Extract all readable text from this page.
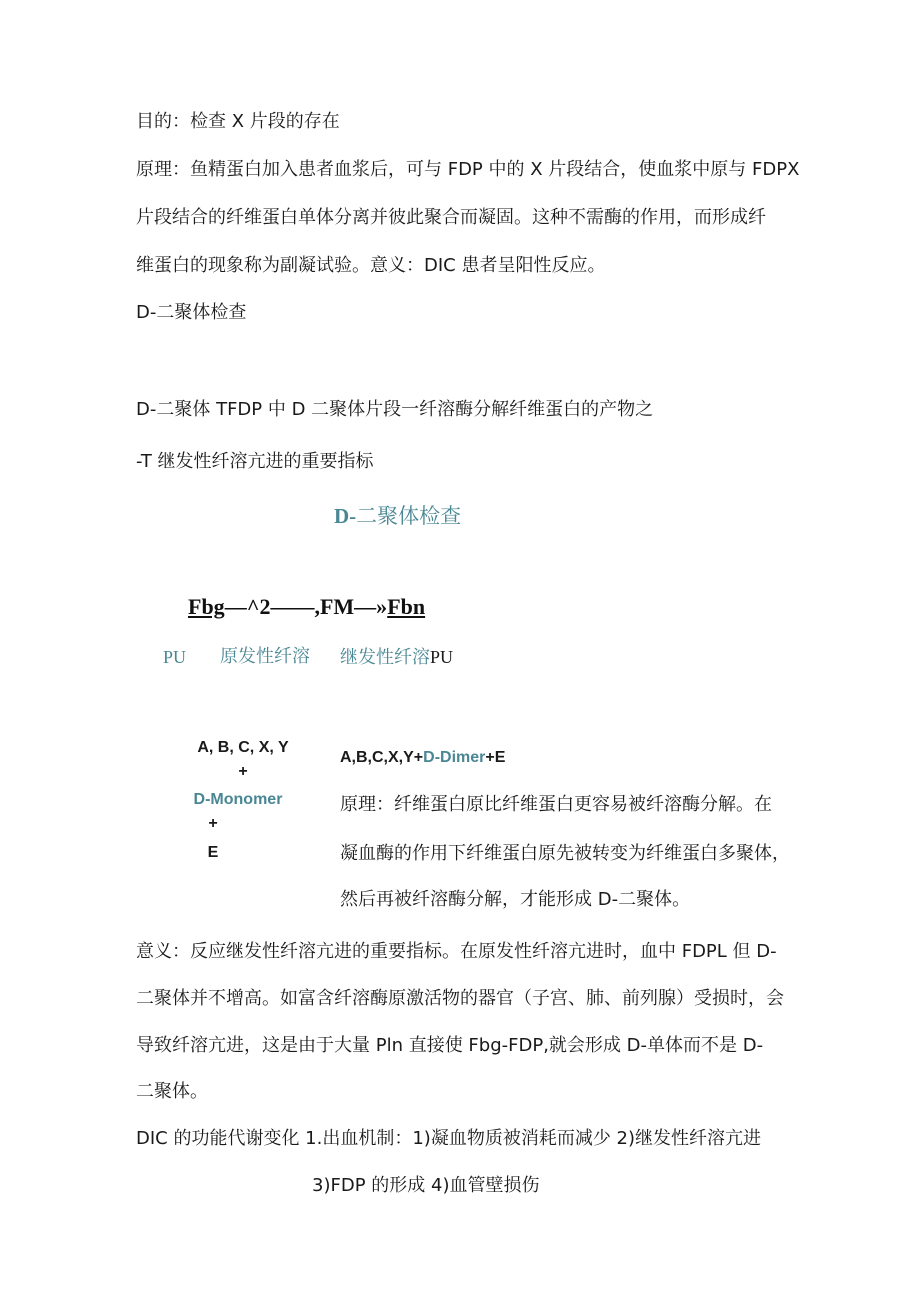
目的：检查 X 片段的存在
原理：鱼精蛋白加入患者血浆后，可与 FDP 中的 X 片段结合，使血浆中原与 FDPX
片段结合的纤维蛋白单体分离并彼此聚合而凝固。这种不需酶的作用，而形成纤
维蛋白的现象称为副凝试验。意义：DIC 患者呈阳性反应。
D-二聚体检查
D-二聚体 TFDP 中 D 二聚体片段一纤溶酶分解纤维蛋白的产物之
-T 继发性纤溶亢进的重要指标
D-二聚体检查
Fbg—^2——,FM—»Fbn
PU 原发性纤溶 继发性纤溶PU
A, B, C, X, Y
+
D-Monomer
+
E
A,B,C,X,Y+D-Dimer+E
原理：纤维蛋白原比纤维蛋白更容易被纤溶酶分解。在
凝血酶的作用下纤维蛋白原先被转变为纤维蛋白多聚体，
然后再被纤溶酶分解，才能形成 D-二聚体。
意义：反应继发性纤溶亢进的重要指标。在原发性纤溶亢进时，血中 FDPL 但 D-
二聚体并不增高。如富含纤溶酶原激活物的器官（子宫、肺、前列腺）受损时，会
导致纤溶亢进，这是由于大量 Pln 直接使 Fbg-FDP,就会形成 D-单体而不是 D-
二聚体。
DIC 的功能代谢变化 1.出血机制：1)凝血物质被消耗而减少 2)继发性纤溶亢进
3)FDP 的形成 4)血管壁损伤
